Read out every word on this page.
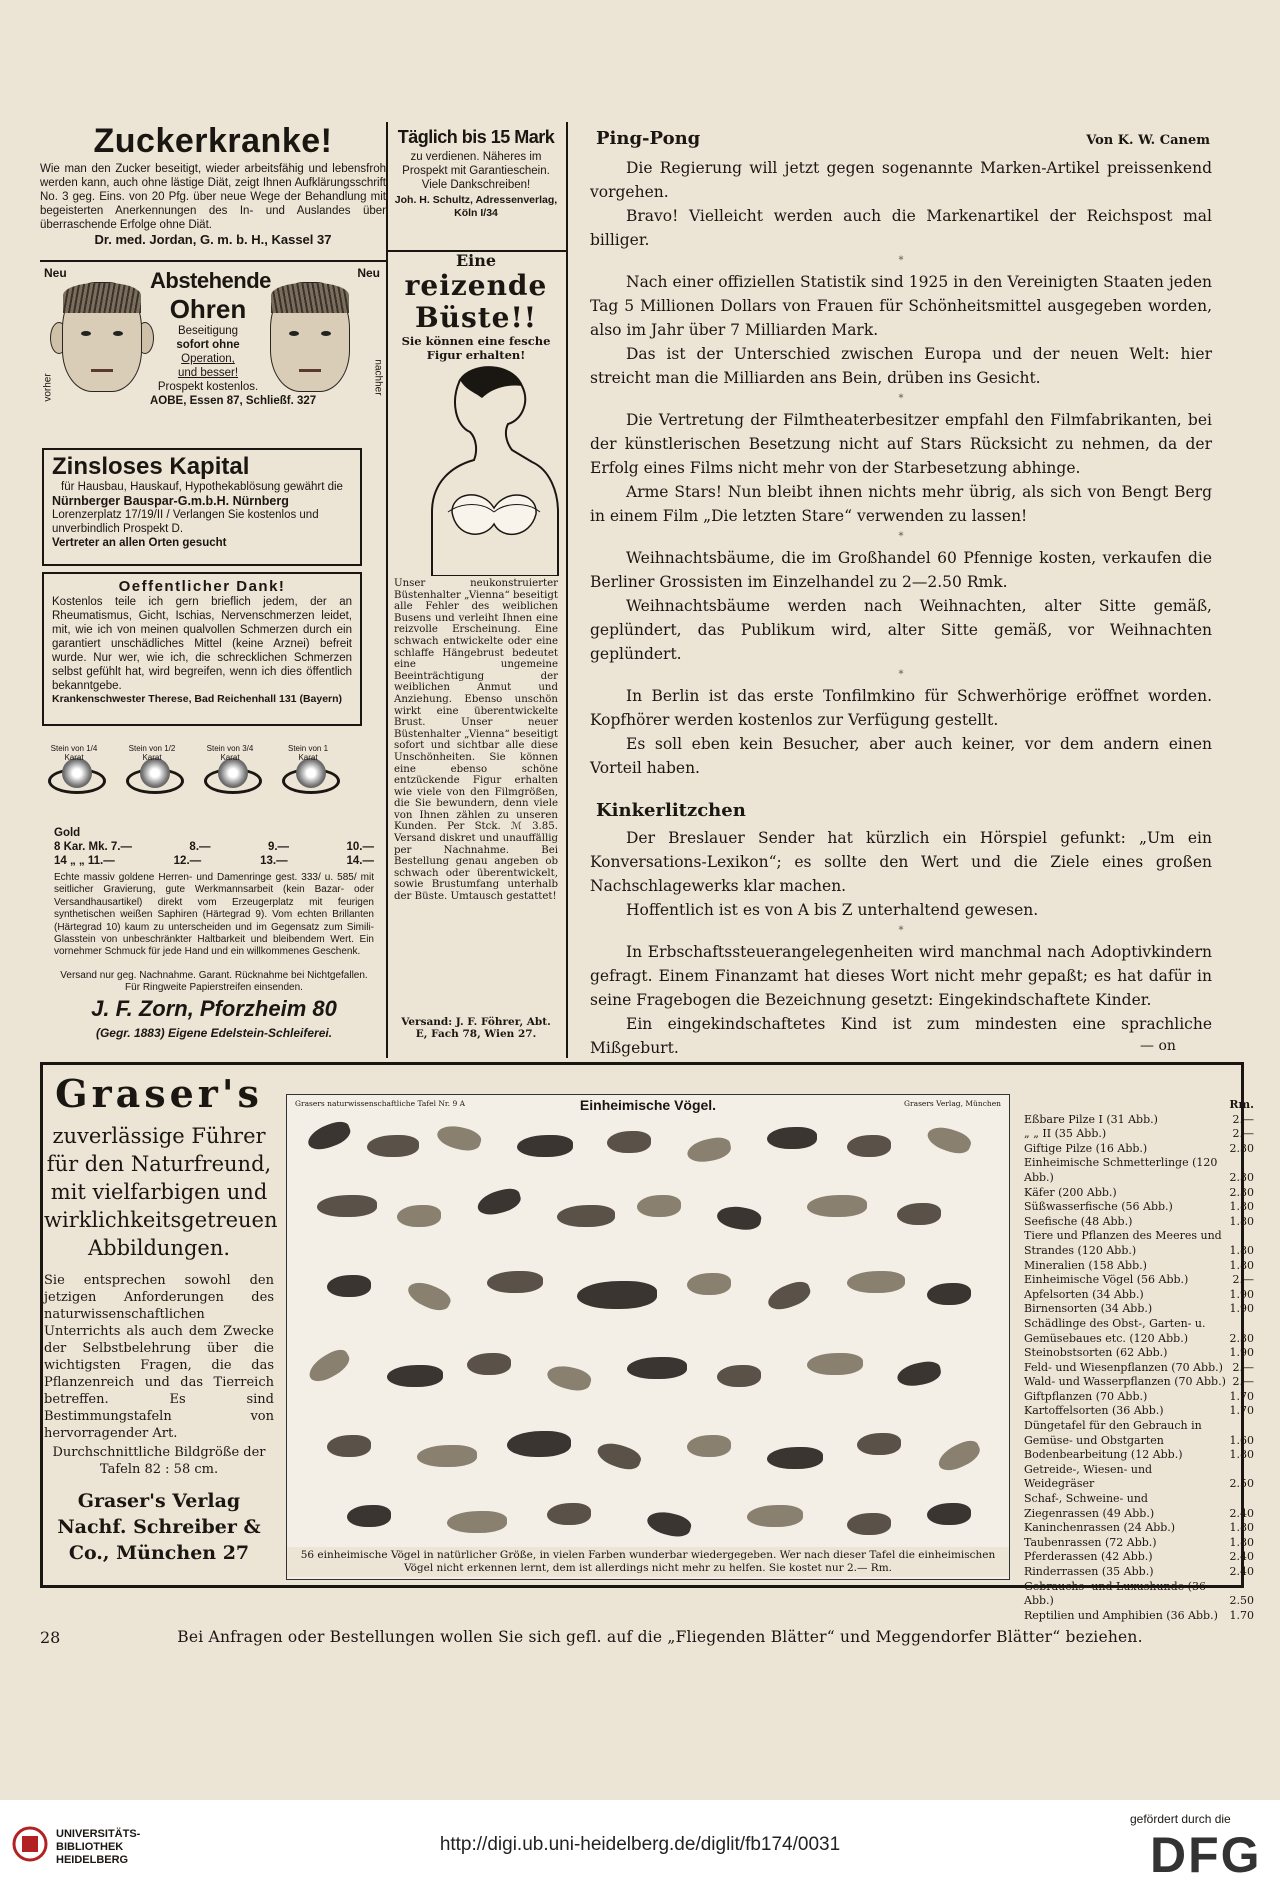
Zuckerkranke!
Wie man den Zucker beseitigt, wieder arbeitsfähig und lebensfroh werden kann, auch ohne lästige Diät, zeigt Ihnen Aufklärungsschrift No. 3 geg. Eins. von 20 Pfg. über neue Wege der Behandlung mit begeisterten Anerkennungen des In- und Auslandes über überraschende Erfolge ohne Diät.
Dr. med. Jordan, G. m. b. H., Kassel 37
Neu	Neu
Abstehende
Ohren
Beseitigung
sofort ohne
Operation,
und besser!
Prospekt kostenlos.
AOBE, Essen 87, Schließf. 327
vorher	nachher
Zinsloses Kapital
für Hausbau, Hauskauf, Hypothekablösung gewährt die
Nürnberger Bauspar-G.m.b.H. Nürnberg
Lorenzerplatz 17/19/II / Verlangen Sie kostenlos und unverbindlich Prospekt D.
Vertreter an allen Orten gesucht
Oeffentlicher Dank!
Kostenlos teile ich gern brieflich jedem, der an Rheumatismus, Gicht, Ischias, Nervenschmerzen leidet, mit, wie ich von meinen qualvollen Schmerzen durch ein garantiert unschädliches Mittel (keine Arznei) befreit wurde. Nur wer, wie ich, die schrecklichen Schmerzen selbst gefühlt hat, wird begreifen, wenn ich dies öffentlich bekanntgebe.
Krankenschwester Therese, Bad Reichenhall 131 (Bayern)
Stein von 1/4 Karat
Stein von 1/2 Karat
Stein von 3/4 Karat
Stein von 1 Karat
Gold
8 Kar. Mk. 7.—	8.—	9.—	10.—
14 „ „ 11.—	12.—	13.—	14.—
Echte massiv goldene Herren- und Damenringe gest. 333/ u. 585/ mit seitlicher Gravierung, gute Werkmannsarbeit (kein Bazar- oder Versandhausartikel) direkt vom Erzeugerplatz mit feurigen synthetischen weißen Saphiren (Härtegrad 9). Vom echten Brillanten (Härtegrad 10) kaum zu unterscheiden und im Gegensatz zum Simili-Glasstein von unbeschränkter Haltbarkeit und bleibendem Wert. Ein vornehmer Schmuck für jede Hand und ein willkommenes Geschenk.
Versand nur geg. Nachnahme. Garant. Rücknahme bei Nichtgefallen. Für Ringweite Papierstreifen einsenden.
J. F. Zorn, Pforzheim 80
(Gegr. 1883) Eigene Edelstein-Schleiferei.
Täglich bis 15 Mark
zu verdienen. Näheres im Prospekt mit Garantieschein. Viele Dankschreiben!
Joh. H. Schultz, Adressenverlag, Köln I/34
Eine
reizende
Büste!!
Sie können eine fesche Figur erhalten!
Unser neukonstruierter Büstenhalter „Vienna“ beseitigt alle Fehler des weiblichen Busens und verleiht Ihnen eine reizvolle Erscheinung. Eine schwach entwickelte oder eine schlaffe Hängebrust bedeutet eine ungemeine Beeinträchtigung der weiblichen Anmut und Anziehung. Ebenso unschön wirkt eine überentwickelte Brust. Unser neuer Büstenhalter „Vienna“ beseitigt sofort und sichtbar alle diese Unschönheiten. Sie können eine ebenso schöne entzückende Figur erhalten wie viele von den Filmgrößen, die Sie bewundern, denn viele von Ihnen zählen zu unseren Kunden. Per Stck. ℳ 3.85. Versand diskret und unauffällig per Nachnahme. Bei Bestellung genau angeben ob schwach oder überentwickelt, sowie Brustumfang unterhalb der Büste. Umtausch gestattet!
Versand: J. F. Föhrer, Abt. E, Fach 78, Wien 27.
Ping-Pong	Von K. W. Canem

Die Regierung will jetzt gegen sogenannte Marken-Artikel preissenkend vorgehen.

Bravo! Vielleicht werden auch die Markenartikel der Reichspost mal billiger.

*

Nach einer offiziellen Statistik sind 1925 in den Vereinigten Staaten jeden Tag 5 Millionen Dollars von Frauen für Schönheitsmittel ausgegeben worden, also im Jahr über 7 Milliarden Mark.

Das ist der Unterschied zwischen Europa und der neuen Welt: hier streicht man die Milliarden ans Bein, drüben ins Gesicht.

*

Die Vertretung der Filmtheaterbesitzer empfahl den Filmfabrikanten, bei der künstlerischen Besetzung nicht auf Stars Rücksicht zu nehmen, da der Erfolg eines Films nicht mehr von der Starbesetzung abhinge.

Arme Stars! Nun bleibt ihnen nichts mehr übrig, als sich von Bengt Berg in einem Film „Die letzten Stare“ verwenden zu lassen!

*

Weihnachtsbäume, die im Großhandel 60 Pfennige kosten, verkaufen die Berliner Grossisten im Einzelhandel zu 2—2.50 Rmk.

Weihnachtsbäume werden nach Weihnachten, alter Sitte gemäß, geplündert, das Publikum wird, alter Sitte gemäß, vor Weihnachten geplündert.

*

In Berlin ist das erste Tonfilmkino für Schwerhörige eröffnet worden. Kopfhörer werden kostenlos zur Verfügung gestellt.

Es soll eben kein Besucher, aber auch keiner, vor dem andern einen Vorteil haben.

Kinkerlitzchen

Der Breslauer Sender hat kürzlich ein Hörspiel gefunkt: „Um ein Konversations-Lexikon“; es sollte den Wert und die Ziele eines großen Nachschlagewerks klar machen.

Hoffentlich ist es von A bis Z unterhaltend gewesen.

*

In Erbschaftssteuerangelegenheiten wird manchmal nach Adoptivkindern gefragt. Einem Finanzamt hat dieses Wort nicht mehr gepaßt; es hat dafür in seine Fragebogen die Bezeichnung gesetzt: Eingekindschaftete Kinder.

Ein eingekindschaftetes Kind ist zum mindesten eine sprachliche Mißgeburt.	— on
Graser's
zuverlässige Führer für den Naturfreund, mit vielfarbigen und wirklichkeitsgetreuen Abbildungen.
Sie entsprechen sowohl den jetzigen Anforderungen des naturwissenschaftlichen Unterrichts als auch dem Zwecke der Selbstbelehrung über die wichtigsten Fragen, die das Pflanzenreich und das Tierreich betreffen. Es sind Bestimmungstafeln von hervorragender Art.
Durchschnittliche Bildgröße der Tafeln 82 : 58 cm.
Graser's Verlag Nachf. Schreiber & Co., München 27
Grasers naturwissenschaftliche Tafel Nr. 9 A	Einheimische Vögel.	Grasers Verlag, München
56 einheimische Vögel in natürlicher Größe, in vielen Farben wunderbar wiedergegeben. Wer nach dieser Tafel die einheimischen Vögel nicht erkennen lernt, dem ist allerdings nicht mehr zu helfen. Sie kostet nur 2.— Rm.
Rm.
Eßbare Pilze I (31 Abb.)	2.—
„ „ II (35 Abb.)	2.—
Giftige Pilze (16 Abb.)	2.30
Einheimische Schmetterlinge (120 Abb.)	2.30
Käfer (200 Abb.)	2.30
Süßwasserfische (56 Abb.)	1.80
Seefische (48 Abb.)	1.80
Tiere und Pflanzen des Meeres und Strandes (120 Abb.)	1.80
Mineralien (158 Abb.)	1.80
Einheimische Vögel (56 Abb.)	2.—
Apfelsorten (34 Abb.)	1.90
Birnensorten (34 Abb.)	1.90
Schädlinge des Obst-, Garten- u. Gemüsebaues etc. (120 Abb.)	2.30
Steinobstsorten (62 Abb.)	1.90
Feld- und Wiesenpflanzen (70 Abb.) 2.—
Wald- und Wasserpflanzen (70 Abb.) 2.—
Giftpflanzen (70 Abb.)	1.70
Kartoffelsorten (36 Abb.)	1.70
Düngetafel für den Gebrauch in Gemüse- und Obstgarten	1.60
Bodenbearbeitung (12 Abb.)	1.80
Getreide-, Wiesen- und Weidegräser	2.50
Schaf-, Schweine- und Ziegenrassen (49 Abb.)	2.40
Kaninchenrassen (24 Abb.)	1.80
Taubenrassen (72 Abb.)	1.80
Pferderassen (42 Abb.)	2.40
Rinderrassen (35 Abb.)	2.40
Gebrauchs- und Luxushunde (36 Abb.)	2.50
Reptilien und Amphibien (36 Abb.)	1.70
28	Bei Anfragen oder Bestellungen wollen Sie sich gefl. auf die „Fliegenden Blätter“ und Meggendorfer Blätter“ beziehen.
UNIVERSITÄTS-
BIBLIOTHEK
HEIDELBERG
http://digi.ub.uni-heidelberg.de/diglit/fb174/0031
gefördert durch die
DFG
